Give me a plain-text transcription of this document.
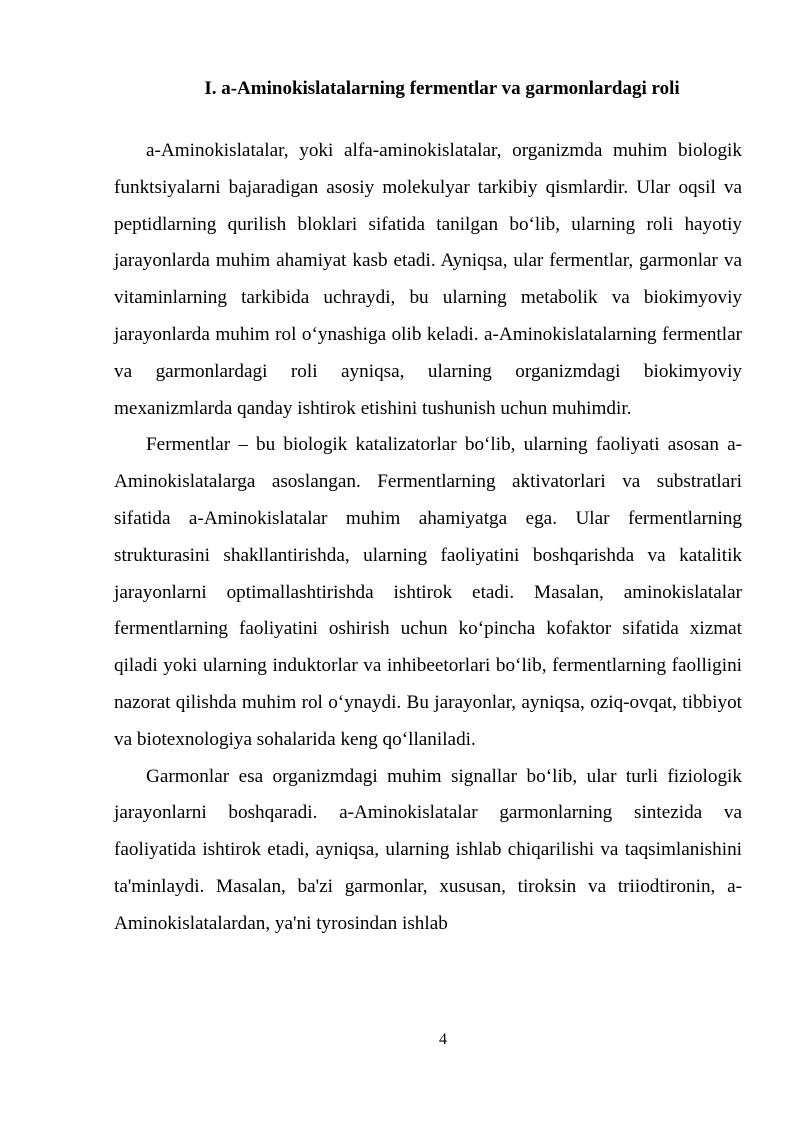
I. a-Aminokislatalarning fermentlar va garmonlardagi roli

a-Aminokislatalar, yoki alfa-aminokislatalar, organizmda muhim biologik funktsiyalarni bajaradigan asosiy molekulyar tarkibiy qismlardir. Ular oqsil va peptidlarning qurilish bloklari sifatida tanilgan bo‘lib, ularning roli hayotiy jarayonlarda muhim ahamiyat kasb etadi. Ayniqsa, ular fermentlar, garmonlar va vitaminlarning tarkibida uchraydi, bu ularning metabolik va biokimyoviy jarayonlarda muhim rol o‘ynashiga olib keladi. a-Aminokislatalarning fermentlar va garmonlardagi roli ayniqsa, ularning organizmdagi biokimyoviy mexanizmlarda qanday ishtirok etishini tushunish uchun muhimdir.

Fermentlar – bu biologik katalizatorlar bo‘lib, ularning faoliyati asosan a-Aminokislatalarga asoslangan. Fermentlarning aktivatorlari va substratlari sifatida a-Aminokislatalar muhim ahamiyatga ega. Ular fermentlarning strukturasini shakllantirishda, ularning faoliyatini boshqarishda va katalitik jarayonlarni optimallashtirishda ishtirok etadi. Masalan, aminokislatalar fermentlarning faoliyatini oshirish uchun ko‘pincha kofaktor sifatida xizmat qiladi yoki ularning induktorlar va inhibeetorlari bo‘lib, fermentlarning faolligini nazorat qilishda muhim rol o‘ynaydi. Bu jarayonlar, ayniqsa, oziq-ovqat, tibbiyot va biotexnologiya sohalarida keng qo‘llaniladi.

Garmonlar esa organizmdagi muhim signallar bo‘lib, ular turli fiziologik jarayonlarni boshqaradi. a-Aminokislatalar garmonlarning sintezida va faoliyatida ishtirok etadi, ayniqsa, ularning ishlab chiqarilishi va taqsimlanishini ta'minlaydi. Masalan, ba'zi garmonlar, xususan, tiroksin va triiodtironin, a-Aminokislatalardan, ya'ni tyrosindan ishlab

4
